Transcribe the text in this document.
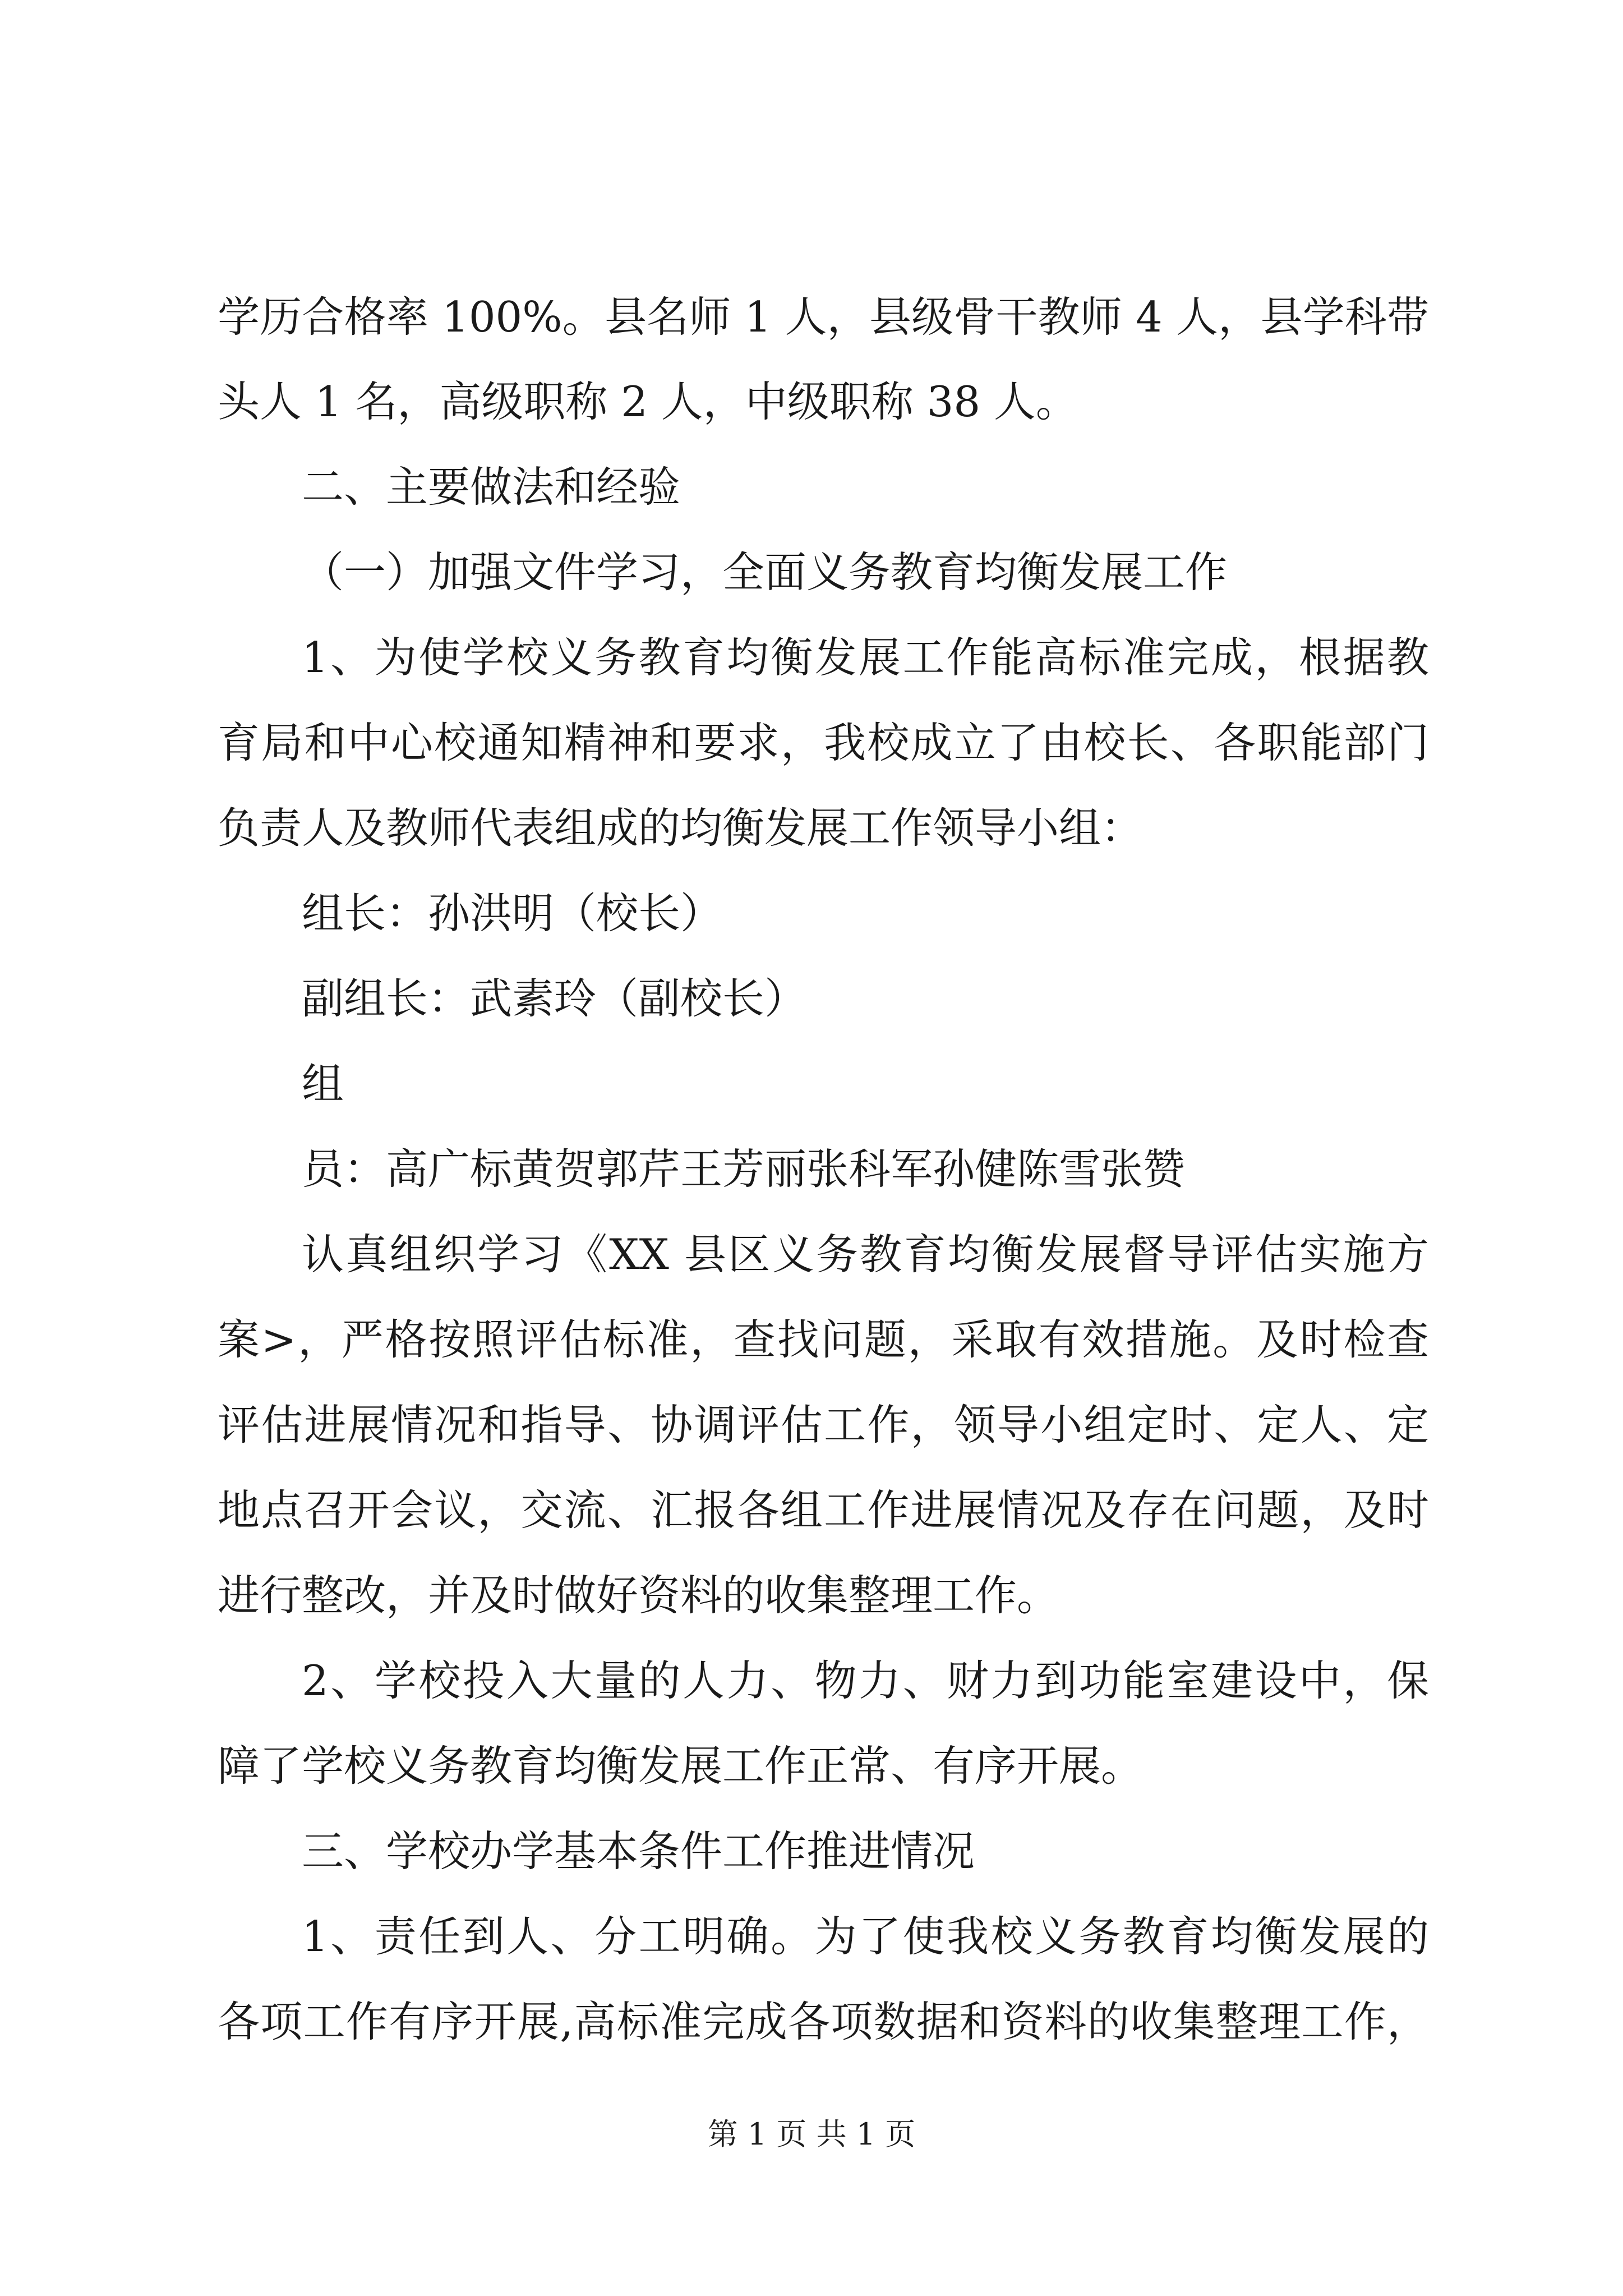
学历合格率 100%。县名师 1 人，县级骨干教师 4 人，县学科带
头人 1 名，高级职称 2 人，中级职称 38 人。
二、主要做法和经验
（一）加强文件学习，全面义务教育均衡发展工作
1、为使学校义务教育均衡发展工作能高标准完成，根据教
育局和中心校通知精神和要求，我校成立了由校长、各职能部门
负责人及教师代表组成的均衡发展工作领导小组：
组长：孙洪明（校长）
副组长：武素玲（副校长）
组
员：高广标黄贺郭芹王芳丽张科军孙健陈雪张赞
认真组织学习《XX 县区义务教育均衡发展督导评估实施方
案>，严格按照评估标准，查找问题，采取有效措施。及时检查
评估进展情况和指导、协调评估工作，领导小组定时、定人、定
地点召开会议，交流、汇报各组工作进展情况及存在问题，及时
进行整改，并及时做好资料的收集整理工作。
2、学校投入大量的人力、物力、财力到功能室建设中，保
障了学校义务教育均衡发展工作正常、有序开展。
三、学校办学基本条件工作推进情况
1、责任到人、分工明确。为了使我校义务教育均衡发展的
各项工作有序开展,高标准完成各项数据和资料的收集整理工作，
第 1 页 共 1 页
